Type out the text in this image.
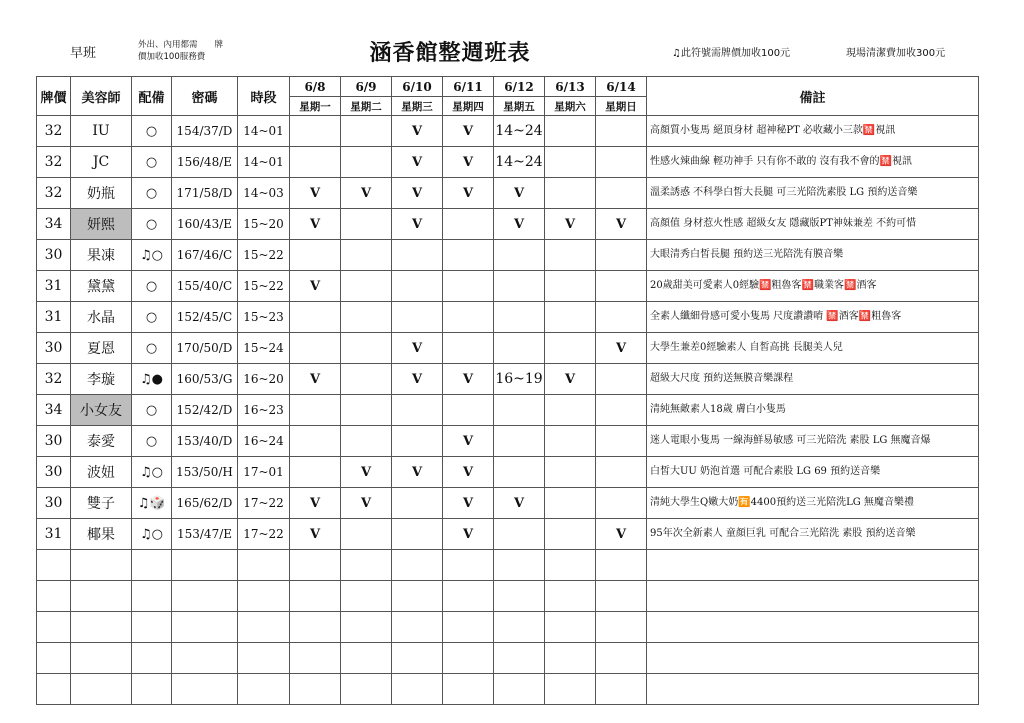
早班
外出、內用都需　　牌
價加收100服務費	涵香館整週班表	♫此符號需牌價加收100元	現場清潔費加收300元
牌價	美容師	配備	密碼	時段	6/8	6/9	6/10	6/11	6/12	6/13	6/14	備註
					星期一	星期二	星期三	星期四	星期五	星期六	星期日	
32	IU	○	154/37/D	14~01			V	V	14~24			高顏質小隻馬 絕頂身材 超神秘PT 必收藏小三款🈲視訊
32	JC	○	156/48/E	14~01			V	V	14~24			性感火辣曲線 輕功神手 只有你不敢的 沒有我不會的🈲視訊
32	奶瓶	○	171/58/D	14~03	V	V	V	V	V			溫柔誘惑 不科學白皙大長腿 可三光陪洗素股 LG 預約送音樂
34	妍熙	○	160/43/E	15~20	V		V		V	V	V	高顏值 身材惹火性感 超級女友 隱藏版PT神妹兼差 不約可惜
30	果凍	♫○	167/46/C	15~22								大眼清秀白皙長腿 預約送三光陪洗有膜音樂
31	黛黛	○	155/40/C	15~22	V							20歲甜美可愛素人0經驗🈲粗魯客🈲職業客🈲酒客
31	水晶	○	152/45/C	15~23								全素人纖細骨感可愛小隻馬 尺度讚讚唷 🈲酒客🈲粗魯客
30	夏恩	○	170/50/D	15~24			V				V	大學生兼差0經驗素人 自皙高挑 長腿美人兒
32	李璇	♫●	160/53/G	16~20	V		V	V	16~19	V		超級大尺度 預約送無膜音樂課程
34	小女友	○	152/42/D	16~23								清純無敵素人18歲 膚白小隻馬
30	泰愛	○	153/40/D	16~24				V				迷人電眼小隻馬 一線海鮮易敏感 可三光陪洗 素股 LG 無魔音爆
30	波妞	♫○	153/50/H	17~01		V	V	V				白皙大UU 奶泡首選 可配合素股 LG 69 預約送音樂
30	雙子	♫🎲	165/62/D	17~22	V	V		V	V			清純大學生Q嫩大奶🈶4400預約送三光陪洗LG 無魔音樂禮
31	椰果	♫○	153/47/E	17~22	V			V			V	95年次全新素人 童顏巨乳 可配合三光陪洗 素股 預約送音樂
